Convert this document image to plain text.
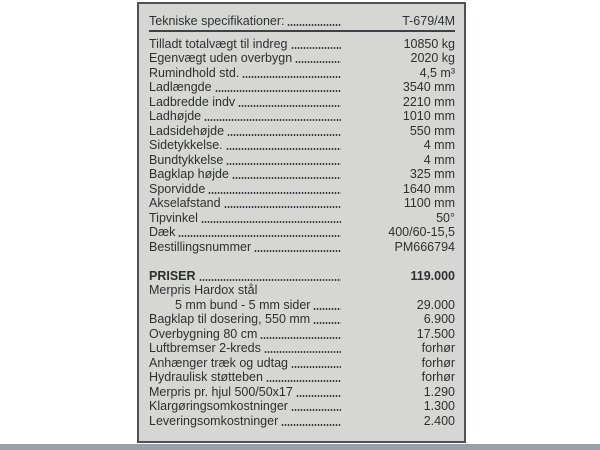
Tekniske specifikationer:	T-679/4M
Tilladt totalvægt til indreg	10850 kg
Egenvægt uden overbygn	2020 kg
Rumindhold std.	4,5 m³
Ladlængde	3540 mm
Ladbredde indv	2210 mm
Ladhøjde	1010 mm
Ladsidehøjde	550 mm
Sidetykkelse.	4 mm
Bundtykkelse	4 mm
Bagklap højde	325 mm
Sporvidde	1640 mm
Akselafstand	1100 mm
Tipvinkel	50°
Dæk	400/60-15,5
Bestillingsnummer	PM666794
PRISER	119.000
Merpris Hardox stål
5 mm bund - 5 mm sider	29.000
Bagklap til dosering, 550 mm	6.900
Overbygning 80 cm	17.500
Luftbremser 2-kreds	forhør
Anhænger træk og udtag	forhør
Hydraulisk støtteben	forhør
Merpris pr. hjul 500/50x17	1.290
Klargøringsomkostninger	1.300
Leveringsomkostninger	2.400
